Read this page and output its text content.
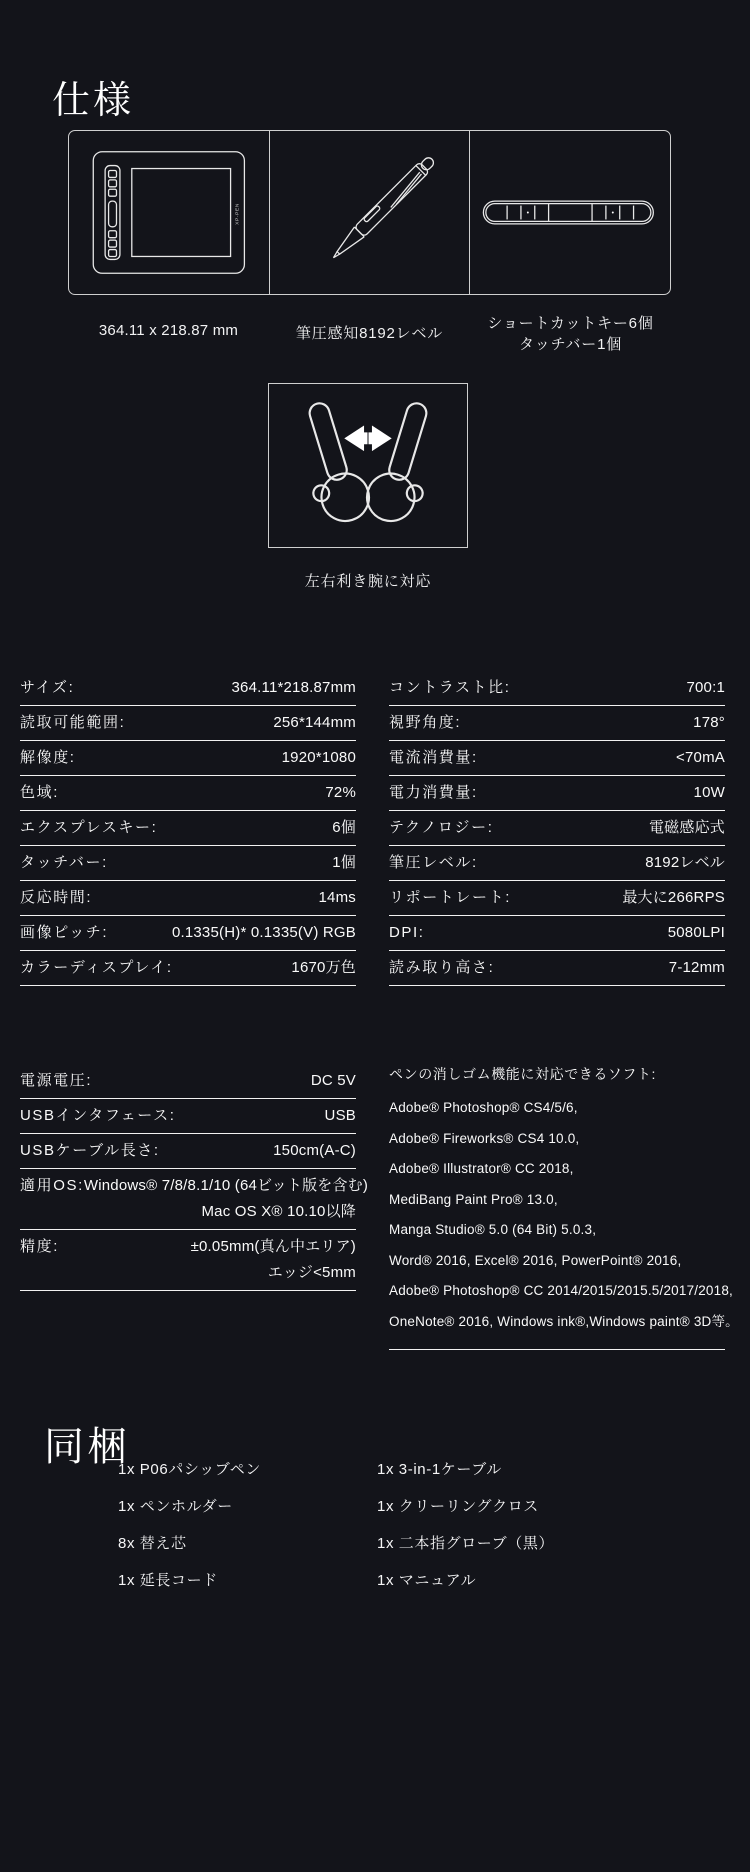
仕様
XP-PEN
364.11 x 218.87 mm	筆圧感知8192レベル
ショートカットキー6個
タッチバー1個
左右利き腕に対応
サイズ:	364.11*218.87mm
読取可能範囲:	256*144mm
解像度:	1920*1080
色域:	72%
エクスプレスキー:	6個
タッチバー:	1個
反応時間:	14ms
画像ピッチ:	0.1335(H)* 0.1335(V) RGB
カラーディスプレイ:	1670万色
コントラスト比:	700:1
視野角度:	178°
電流消費量:	<70mA
電力消費量:	10W
テクノロジー:	電磁感応式
筆圧レベル:	8192レベル
リポートレート:	最大に266RPS
DPI:	5080LPI
読み取り高さ:	7-12mm
電源電圧:	DC 5V
USBインタフェース:	USB
USBケーブル長さ:	150cm(A-C)
適用OS: Windows® 7/8/8.1/10 (64ビット版を含む)
Mac OS X® 10.10以降
精度:	±0.05mm(真ん中エリア)
エッジ<5mm
ペンの消しゴム機能に対応できるソフト:
Adobe® Photoshop® CS4/5/6,
Adobe® Fireworks® CS4 10.0,
Adobe® Illustrator® CC 2018,
MediBang Paint Pro® 13.0,
Manga Studio® 5.0 (64 Bit) 5.0.3,
Word® 2016, Excel® 2016, PowerPoint® 2016,
Adobe® Photoshop® CC 2014/2015/2015.5/2017/2018,
OneNote® 2016, Windows ink®,Windows paint® 3D等。
同梱
1x P06パシッブペン
1x ペンホルダー
8x 替え芯
1x 延長コード
1x 3-in-1ケーブル
1x クリーリングクロス
1x 二本指グローブ（黒）
1x マニュアル
